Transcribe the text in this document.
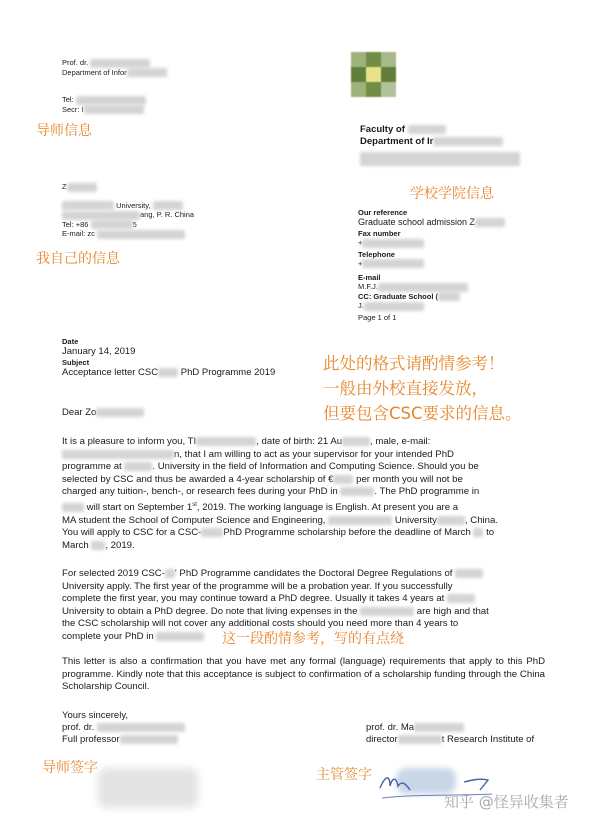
Prof. dr.
Department of Infor
Tel:
Secr: I
导师信息	Faculty of
Department of Ir
学校学院信息
Z
University,
ang, P. R. China
Tel: +86	5
E-mail: zc
我自己的信息
Our reference
Graduate school admission Z
Fax number
+
Telephone
+
E-mail
M.F.J.
CC: Graduate School (
J.
Page 1 of 1
Date
January 14, 2019
Subject
Acceptance letter CSC PhD Programme 2019	此处的格式请酌情参考！
一般由外校直接发放，
但要包含CSC要求的信息。
Dear Zo
It is a pleasure to inform you, TI	, date of birth: 21 Au	, male, e-mail:
n, that I am willing to act as your supervisor for your intended PhD
programme at	. University in the field of Information and Computing Science. Should you be
selected by CSC and thus be awarded a 4-year scholarship of € per month you will not be
charged any tuition-, bench-, or research fees during your PhD in	. The PhD programme in
will start on September 1st, 2019. The working language is English. At present you are a
MA student the School of Computer Science and Engineering,	University	, China.
You will apply to CSC for a CSC- PhD Programme scholarship before the deadline of March to
March , 2019.
For selected 2019 CSC- ' PhD Programme candidates the Doctoral Degree Regulations of
University apply. The first year of the programme will be a probation year. If you successfully
complete the first year, you may continue toward a PhD degree. Usually it takes 4 years at
University to obtain a PhD degree. Do note that living expenses in the	are high and that
the CSC scholarship will not cover any additional costs should you need more than 4 years to
complete your PhD in	这一段酌情参考，写的有点绕
This letter is also a confirmation that you have met any formal (language) requirements that apply to this PhD programme. Kindly note that this acceptance is subject to confirmation of a scholarship funding through the China Scholarship Council.
Yours sincerely,
prof. dr.
Full professor
prof. dr. Ma
director	t Research Institute of
导师签字	主管签字
知乎 @怪异收集者
